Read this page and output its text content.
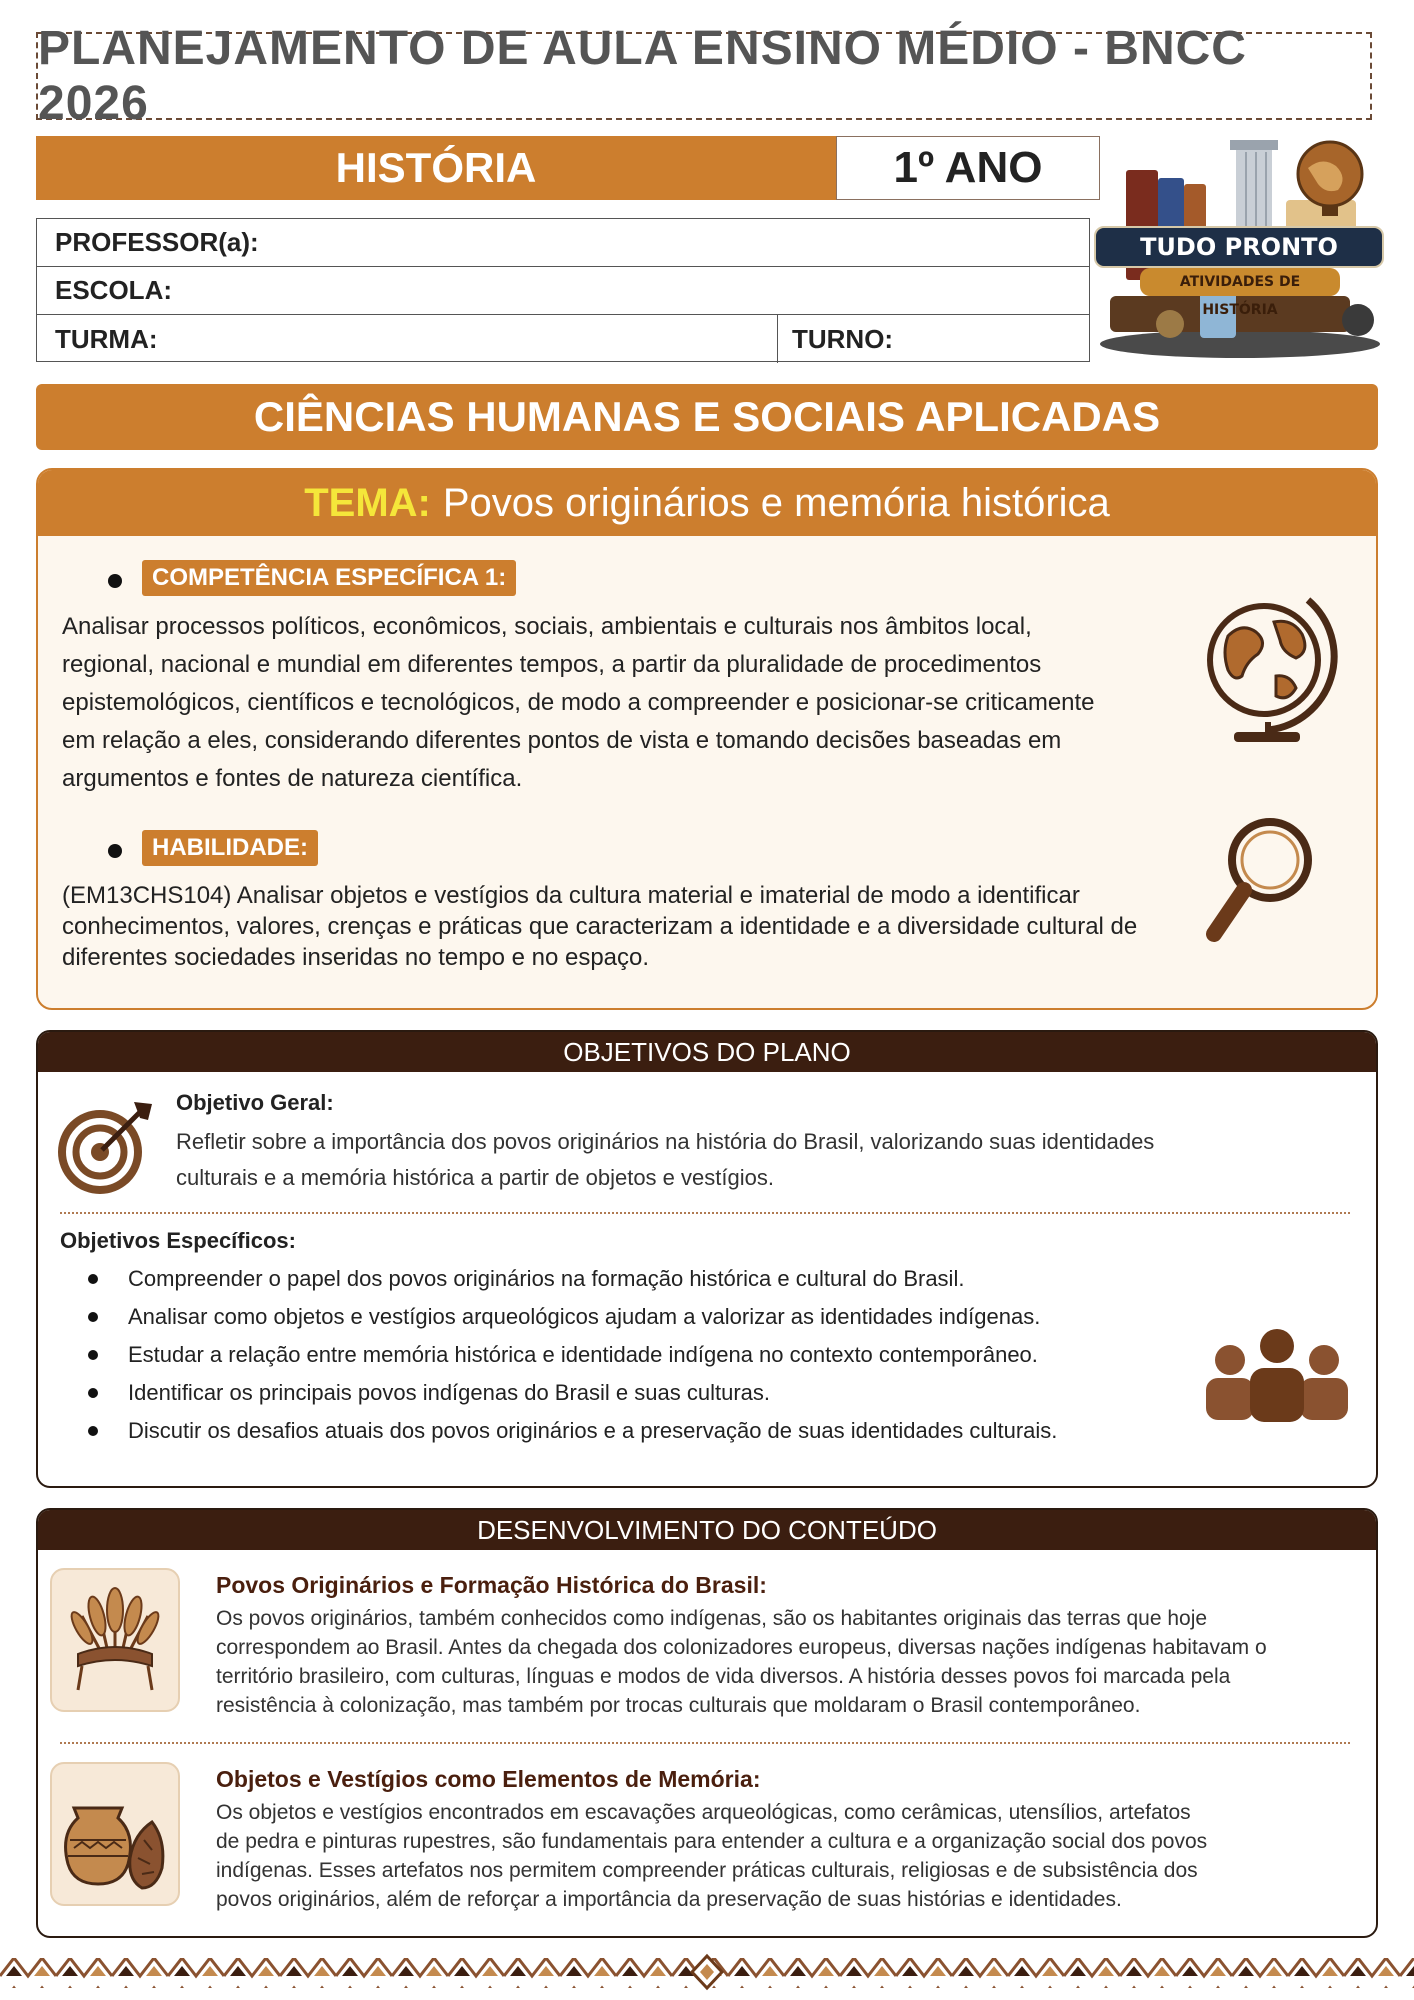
PLANEJAMENTO DE AULA ENSINO MÉDIO - BNCC 2026
HISTÓRIA	1º ANO
PROFESSOR(a):
ESCOLA:
TURMA:	TURNO:
TUDO PRONTO
ATIVIDADES DE HISTÓRIA
CIÊNCIAS HUMANAS E SOCIAIS APLICADAS
TEMA: Povos originários e memória histórica
COMPETÊNCIA ESPECÍFICA 1:
Analisar processos políticos, econômicos, sociais, ambientais e culturais nos âmbitos local,
regional, nacional e mundial em diferentes tempos, a partir da pluralidade de procedimentos
epistemológicos, científicos e tecnológicos, de modo a compreender e posicionar-se criticamente
em relação a eles, considerando diferentes pontos de vista e tomando decisões baseadas em
argumentos e fontes de natureza científica.
HABILIDADE:
(EM13CHS104) Analisar objetos e vestígios da cultura material e imaterial de modo a identificar
conhecimentos, valores, crenças e práticas que caracterizam a identidade e a diversidade cultural de
diferentes sociedades inseridas no tempo e no espaço.
OBJETIVOS DO PLANO
Objetivo Geral:
Refletir sobre a importância dos povos originários na história do Brasil, valorizando suas identidades
culturais e a memória histórica a partir de objetos e vestígios.
Objetivos Específicos:
Compreender o papel dos povos originários na formação histórica e cultural do Brasil.
Analisar como objetos e vestígios arqueológicos ajudam a valorizar as identidades indígenas.
Estudar a relação entre memória histórica e identidade indígena no contexto contemporâneo.
Identificar os principais povos indígenas do Brasil e suas culturas.
Discutir os desafios atuais dos povos originários e a preservação de suas identidades culturais.
DESENVOLVIMENTO DO CONTEÚDO
Povos Originários e Formação Histórica do Brasil:
Os povos originários, também conhecidos como indígenas, são os habitantes originais das terras que hoje
correspondem ao Brasil. Antes da chegada dos colonizadores europeus, diversas nações indígenas habitavam o
território brasileiro, com culturas, línguas e modos de vida diversos. A história desses povos foi marcada pela
resistência à colonização, mas também por trocas culturais que moldaram o Brasil contemporâneo.
Objetos e Vestígios como Elementos de Memória:
Os objetos e vestígios encontrados em escavações arqueológicas, como cerâmicas, utensílios, artefatos
de pedra e pinturas rupestres, são fundamentais para entender a cultura e a organização social dos povos
indígenas. Esses artefatos nos permitem compreender práticas culturais, religiosas e de subsistência dos
povos originários, além de reforçar a importância da preservação de suas histórias e identidades.
